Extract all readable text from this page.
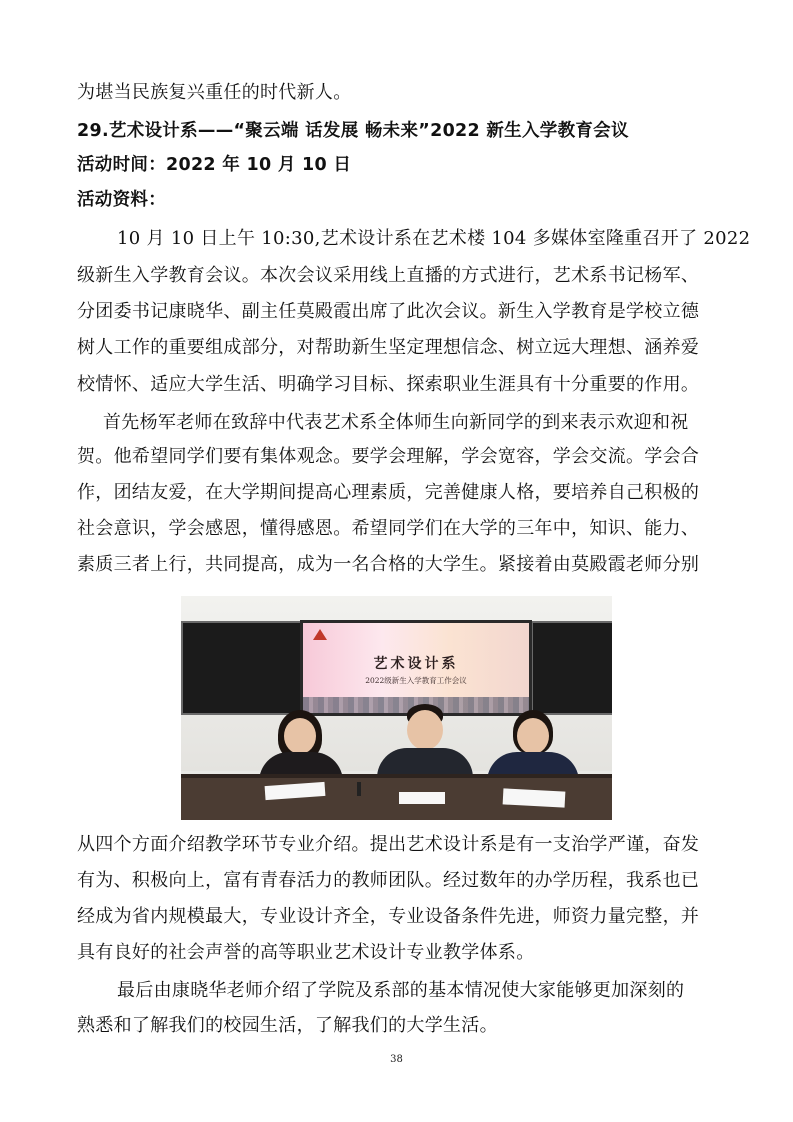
为堪当民族复兴重任的时代新人。
29.艺术设计系——“聚云端 话发展 畅未来”2022 新生入学教育会议
活动时间：2022 年 10 月 10 日
活动资料：
10 月 10 日上午 10:30,艺术设计系在艺术楼 104 多媒体室隆重召开了 2022
级新生入学教育会议。本次会议采用线上直播的方式进行，艺术系书记杨军、
分团委书记康晓华、副主任莫殿霞出席了此次会议。新生入学教育是学校立德
树人工作的重要组成部分，对帮助新生坚定理想信念、树立远大理想、涵养爱
校情怀、适应大学生活、明确学习目标、探索职业生涯具有十分重要的作用。
首先杨军老师在致辞中代表艺术系全体师生向新同学的到来表示欢迎和祝
贺。他希望同学们要有集体观念。要学会理解，学会宽容，学会交流。学会合
作，团结友爱，在大学期间提高心理素质，完善健康人格，要培养自己积极的
社会意识，学会感恩，懂得感恩。希望同学们在大学的三年中，知识、能力、
素质三者上行，共同提高，成为一名合格的大学生。紧接着由莫殿霞老师分别
艺术设计系
2022级新生入学教育工作会议
从四个方面介绍教学环节专业介绍。提出艺术设计系是有一支治学严谨，奋发
有为、积极向上，富有青春活力的教师团队。经过数年的办学历程，我系也已
经成为省内规模最大，专业设计齐全，专业设备条件先进，师资力量完整，并
具有良好的社会声誉的高等职业艺术设计专业教学体系。
最后由康晓华老师介绍了学院及系部的基本情况使大家能够更加深刻的
熟悉和了解我们的校园生活，了解我们的大学生活。
38
